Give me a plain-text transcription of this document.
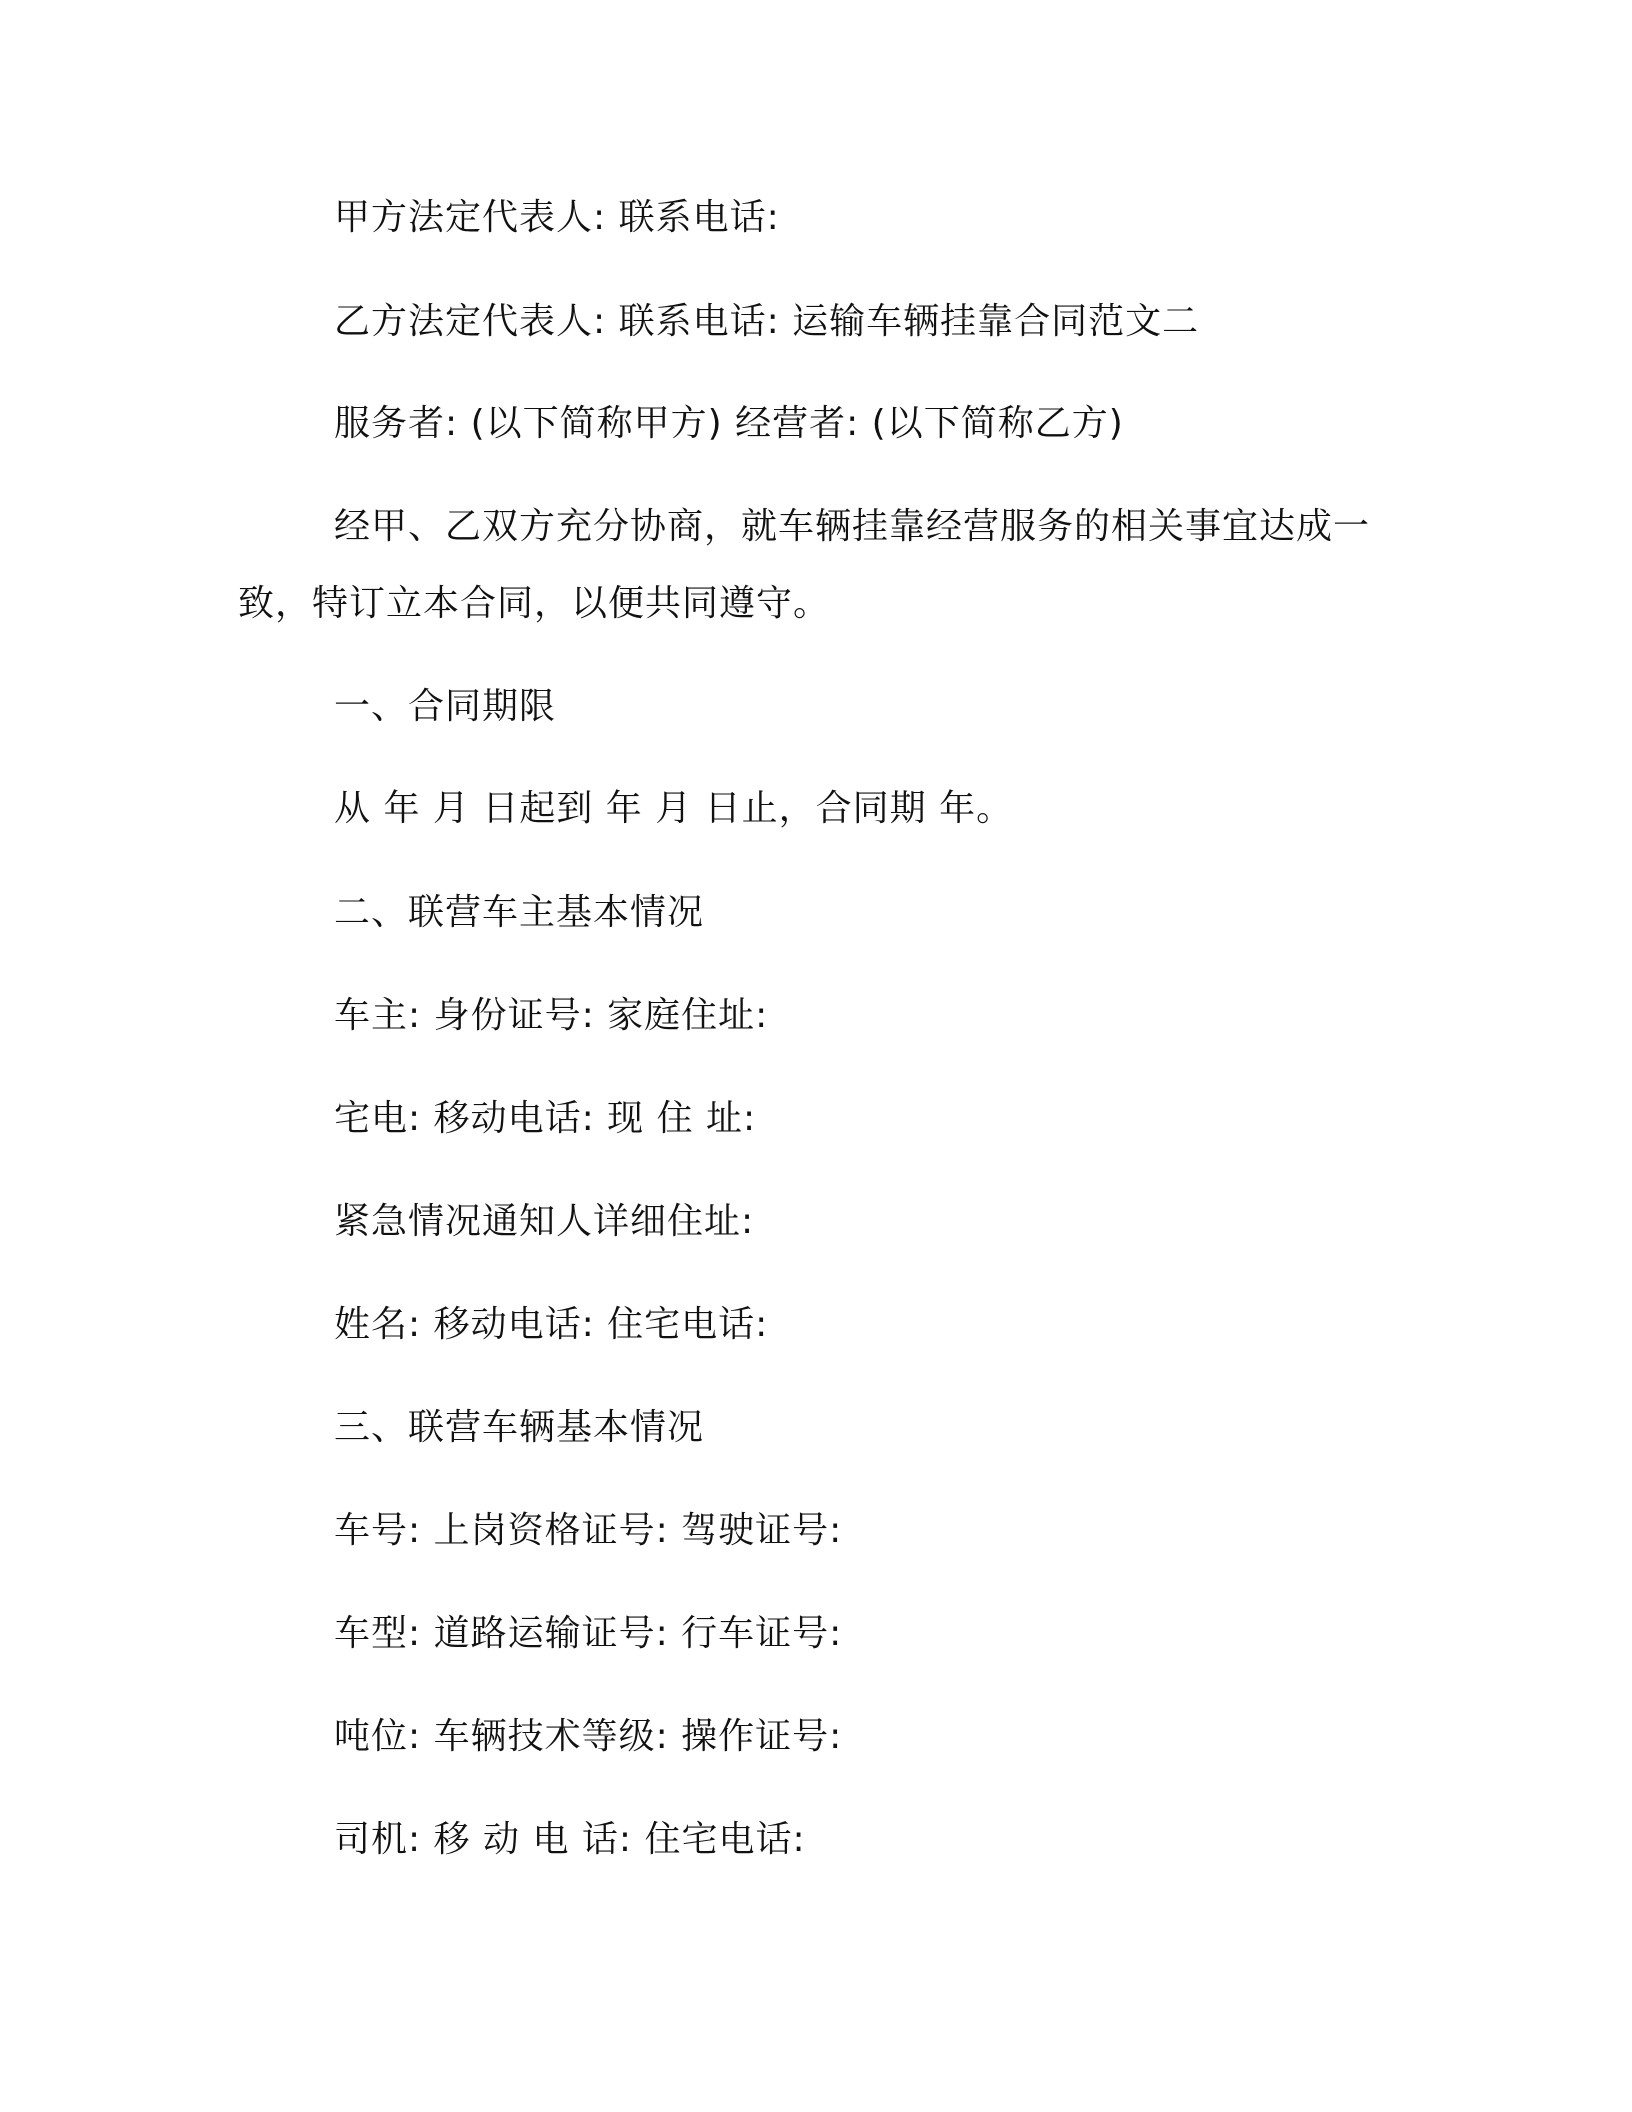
甲方法定代表人: 联系电话:
乙方法定代表人: 联系电话: 运输车辆挂靠合同范文二
服务者: (以下简称甲方) 经营者: (以下简称乙方)
经甲、乙双方充分协商，就车辆挂靠经营服务的相关事宜达成一
致，特订立本合同，以便共同遵守。
一、合同期限
从 年 月 日起到 年 月 日止，合同期 年。
二、联营车主基本情况
车主: 身份证号: 家庭住址:
宅电: 移动电话: 现 住 址:
紧急情况通知人详细住址:
姓名: 移动电话: 住宅电话:
三、联营车辆基本情况
车号: 上岗资格证号: 驾驶证号:
车型: 道路运输证号: 行车证号:
吨位: 车辆技术等级: 操作证号:
司机: 移 动 电 话: 住宅电话:
